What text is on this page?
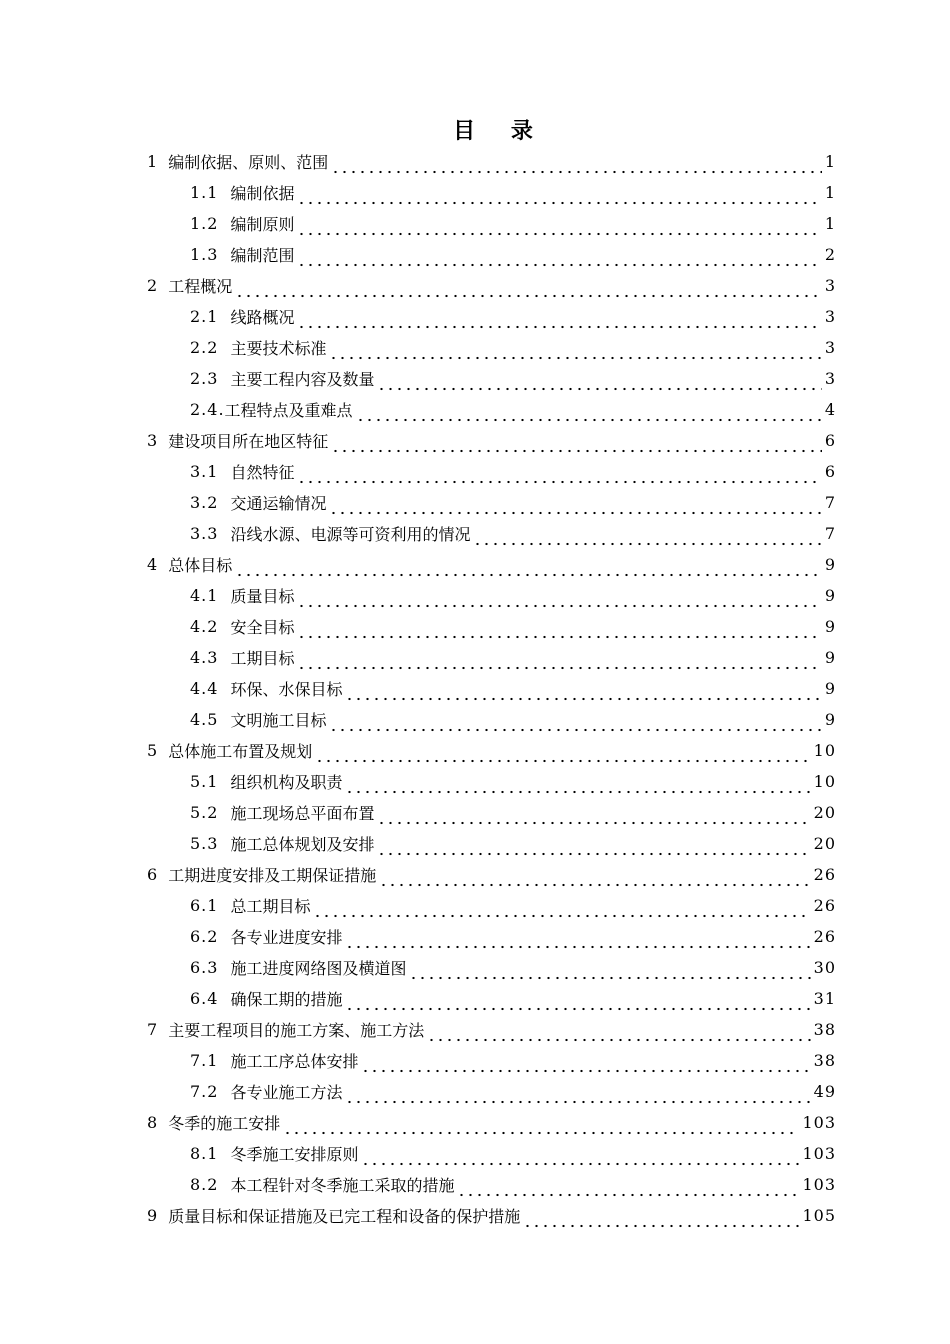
目 录
1 编制依据、原则、范围	1
1.1 编制依据	1
1.2 编制原则	1
1.3 编制范围	2
2 工程概况	3
2.1 线路概况	3
2.2 主要技术标准	3
2.3 主要工程内容及数量	3
2.4. 工程特点及重难点	4
3 建设项目所在地区特征	6
3.1 自然特征	6
3.2 交通运输情况	7
3.3 沿线水源、电源等可资利用的情况	7
4 总体目标	9
4.1 质量目标	9
4.2 安全目标	9
4.3 工期目标	9
4.4 环保、水保目标	9
4.5 文明施工目标	9
5 总体施工布置及规划	10
5.1 组织机构及职责	10
5.2 施工现场总平面布置	20
5.3 施工总体规划及安排	20
6 工期进度安排及工期保证措施	26
6.1 总工期目标	26
6.2 各专业进度安排	26
6.3 施工进度网络图及横道图	30
6.4 确保工期的措施	31
7 主要工程项目的施工方案、施工方法	38
7.1 施工工序总体安排	38
7.2 各专业施工方法	49
8 冬季的施工安排	103
8.1 冬季施工安排原则	103
8.2 本工程针对冬季施工采取的措施	103
9 质量目标和保证措施及已完工程和设备的保护措施	105
